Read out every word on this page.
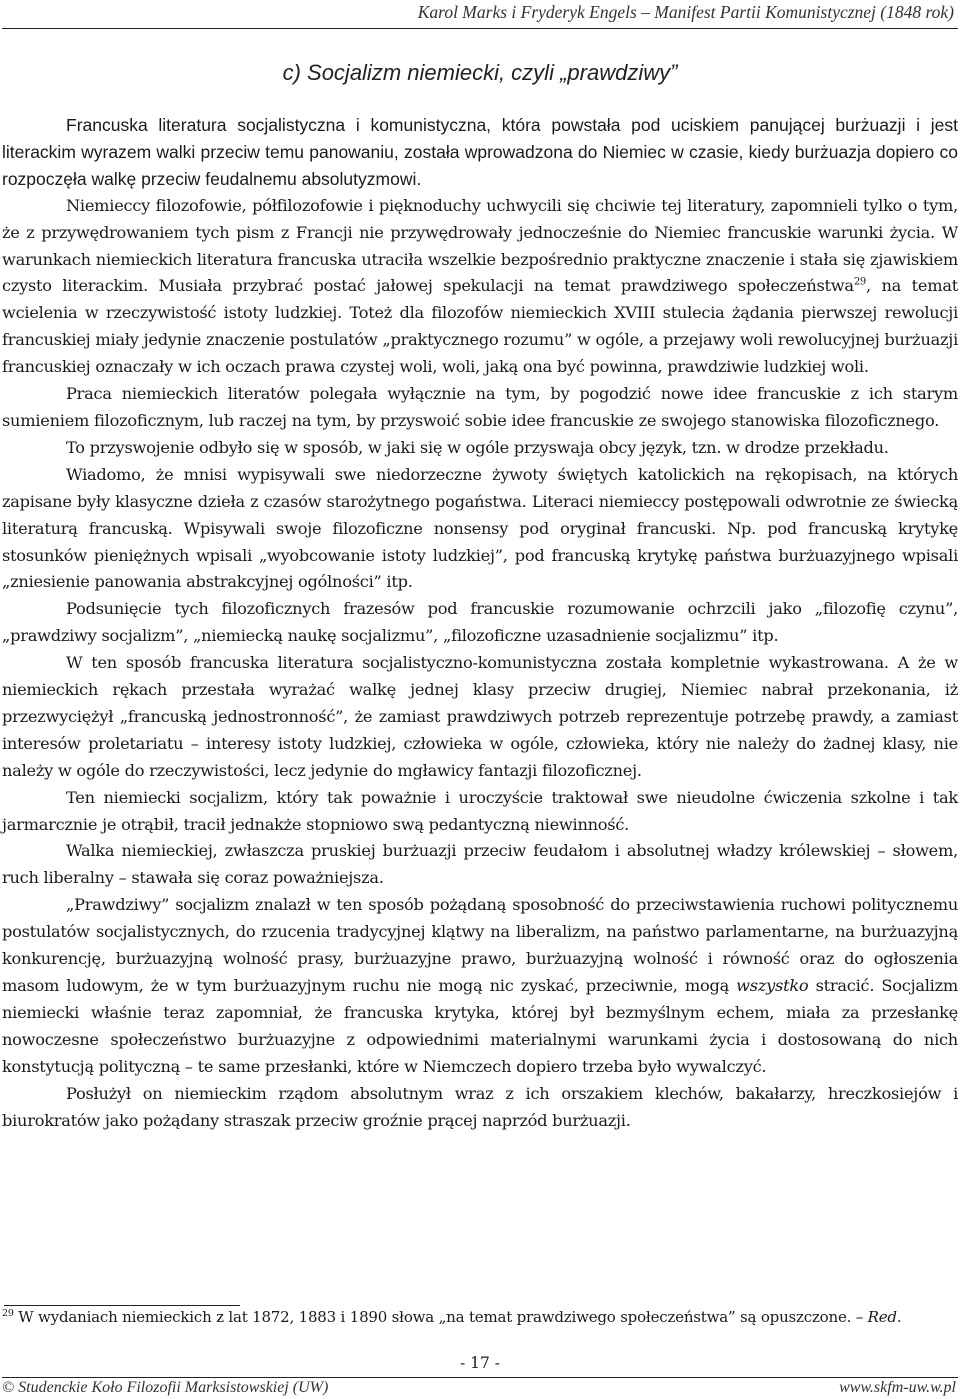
Karol Marks i Fryderyk Engels – Manifest Partii Komunistycznej (1848 rok)
c) Socjalizm niemiecki, czyli „prawdziwy”

Francuska literatura socjalistyczna i komunistyczna, która powstała pod uciskiem panującej burżuazji i jest literackim wyrazem walki przeciw temu panowaniu, została wprowadzona do Niemiec w czasie, kiedy burżuazja dopiero co rozpoczęła walkę przeciw feudalnemu absolutyzmowi.

Niemieccy filozofowie, półfilozofowie i pięknoduchy uchwycili się chciwie tej literatury, zapomnieli tylko o tym, że z przywędrowaniem tych pism z Francji nie przywędrowały jednocześnie do Niemiec francuskie warunki życia. W warunkach niemieckich literatura francuska utraciła wszelkie bezpośrednio praktyczne znaczenie i stała się zjawiskiem czysto literackim. Musiała przybrać postać jałowej spekulacji na temat prawdziwego społeczeństwa$^{29}$, na temat wcielenia w rzeczywistość istoty ludzkiej. Toteż dla filozofów niemieckich XVIII stulecia żądania pierwszej rewolucji francuskiej miały jedynie znaczenie postulatów „praktycznego rozumu” w ogóle, a przejawy woli rewolucyjnej burżuazji francuskiej oznaczały w ich oczach prawa czystej woli, woli, jaką ona być powinna, prawdziwie ludzkiej woli.

Praca niemieckich literatów polegała wyłącznie na tym, by pogodzić nowe idee francuskie z ich starym sumieniem filozoficznym, lub raczej na tym, by przyswoić sobie idee francuskie ze swojego stanowiska filozoficznego.

To przyswojenie odbyło się w sposób, w jaki się w ogóle przyswaja obcy język, tzn. w drodze przekładu.

Wiadomo, że mnisi wypisywali swe niedorzeczne żywoty świętych katolickich na rękopisach, na których zapisane były klasyczne dzieła z czasów starożytnego pogaństwa. Literaci niemieccy postępowali odwrotnie ze świecką literaturą francuską. Wpisywali swoje filozoficzne nonsensy pod oryginał francuski. Np. pod francuską krytykę stosunków pieniężnych wpisali „wyobcowanie istoty ludzkiej”, pod francuską krytykę państwa burżuazyjnego wpisali „zniesienie panowania abstrakcyjnej ogólności” itp.

Podsunięcie tych filozoficznych frazesów pod francuskie rozumowanie ochrzcili jako „filozofię czynu”, „prawdziwy socjalizm”, „niemiecką naukę socjalizmu”, „filozoficzne uzasadnienie socjalizmu” itp.

W ten sposób francuska literatura socjalistyczno-komunistyczna została kompletnie wykastrowana. A że w niemieckich rękach przestała wyrażać walkę jednej klasy przeciw drugiej, Niemiec nabrał przekonania, iż przezwyciężył „francuską jednostronność”, że zamiast prawdziwych potrzeb reprezentuje potrzebę prawdy, a zamiast interesów proletariatu – interesy istoty ludzkiej, człowieka w ogóle, człowieka, który nie należy do żadnej klasy, nie należy w ogóle do rzeczywistości, lecz jedynie do mgławicy fantazji filozoficznej.

Ten niemiecki socjalizm, który tak poważnie i uroczyście traktował swe nieudolne ćwiczenia szkolne i tak jarmarcznie je otrąbił, tracił jednakże stopniowo swą pedantyczną niewinność.

Walka niemieckiej, zwłaszcza pruskiej burżuazji przeciw feudałom i absolutnej władzy królewskiej – słowem, ruch liberalny – stawała się coraz poważniejsza.

„Prawdziwy” socjalizm znalazł w ten sposób pożądaną sposobność do przeciwstawienia ruchowi politycznemu postulatów socjalistycznych, do rzucenia tradycyjnej klątwy na liberalizm, na państwo parlamentarne, na burżuazyjną konkurencję, burżuazyjną wolność prasy, burżuazyjne prawo, burżuazyjną wolność i równość oraz do ogłoszenia masom ludowym, że w tym burżuazyjnym ruchu nie mogą nic zyskać, przeciwnie, mogą wszystko stracić. Socjalizm niemiecki właśnie teraz zapomniał, że francuska krytyka, której był bezmyślnym echem, miała za przesłankę nowoczesne społeczeństwo burżuazyjne z odpowiednimi materialnymi warunkami życia i dostosowaną do nich konstytucją polityczną – te same przesłanki, które w Niemczech dopiero trzeba było wywalczyć.

Posłużył on niemieckim rządom absolutnym wraz z ich orszakiem klechów, bakałarzy, hreczkosiejów i biurokratów jako pożądany straszak przeciw groźnie prącej naprzód burżuazji.

$^{29}$ W wydaniach niemieckich z lat 1872, 1883 i 1890 słowa „na temat prawdziwego społeczeństwa” są opuszczone. – Red.
- 17 -
© Studenckie Koło Filozofii Marksistowskiej (UW)	www.skfm-uw.w.pl
